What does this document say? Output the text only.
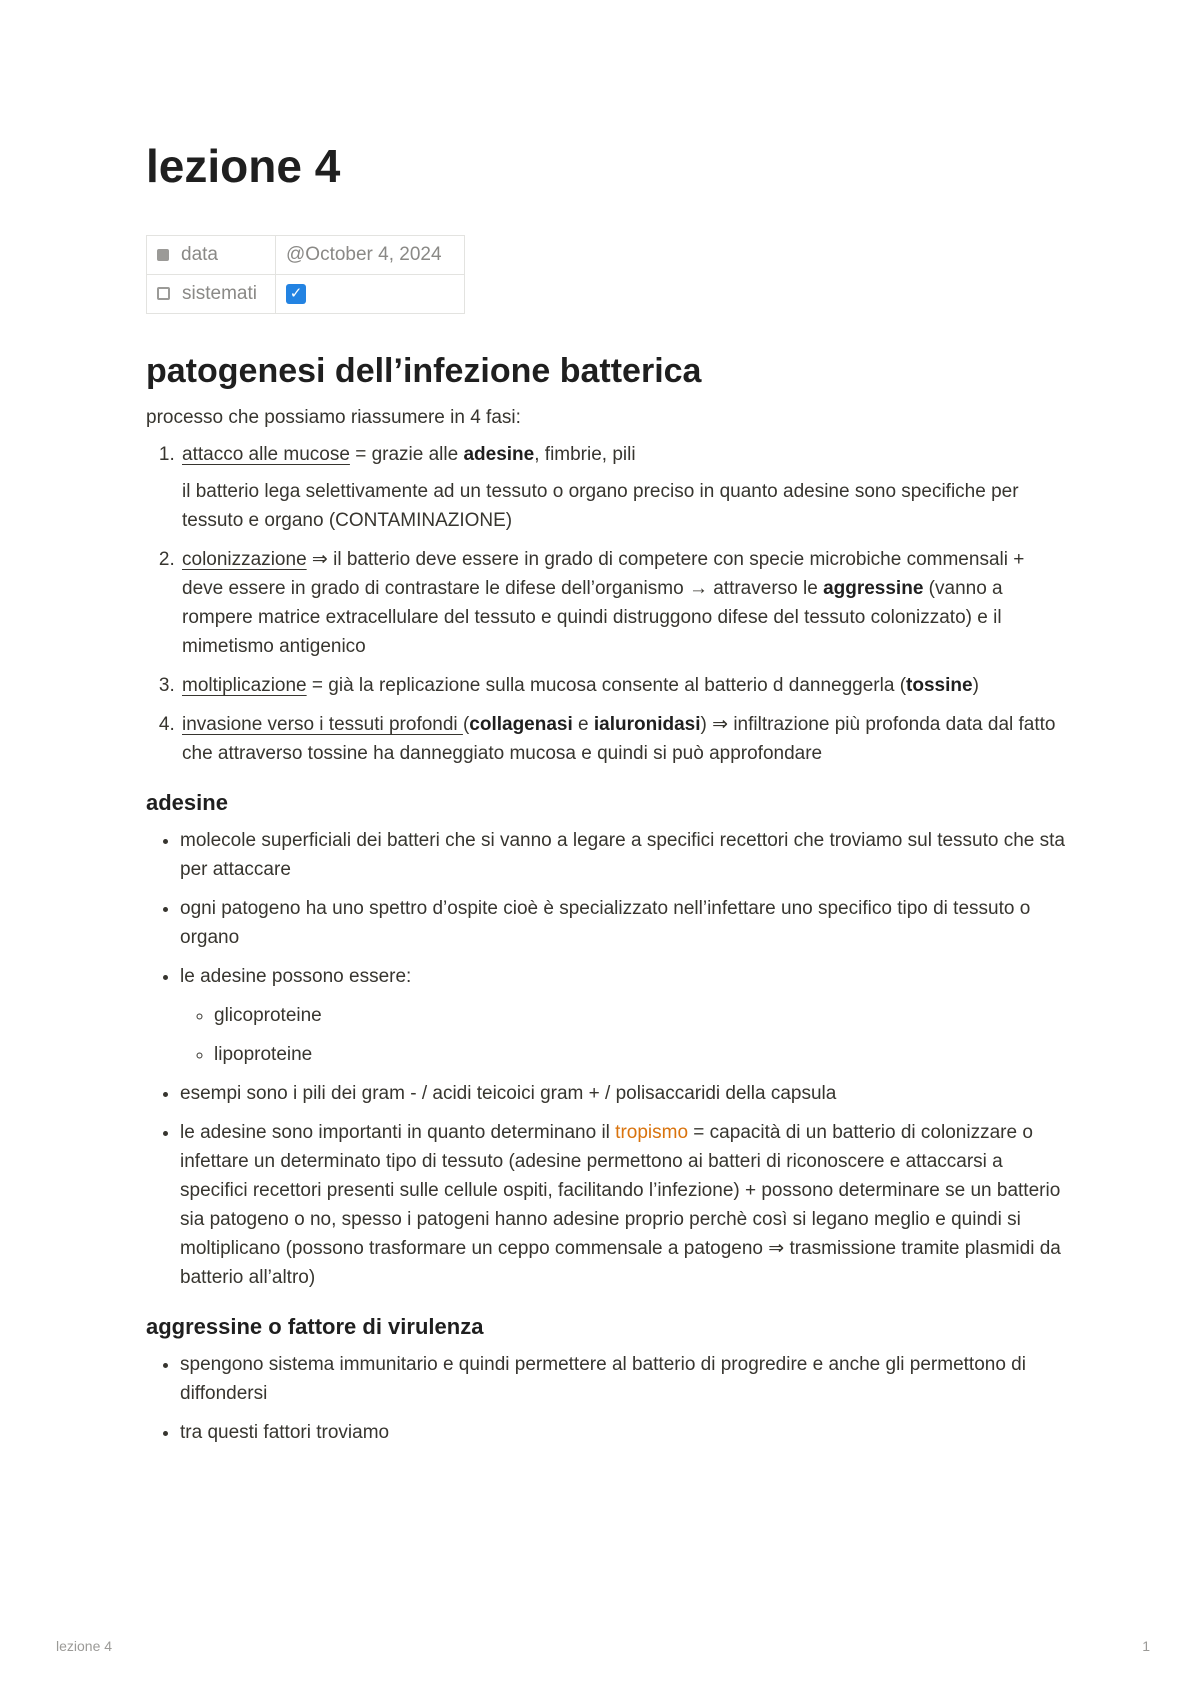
lezione 4
data	@October 4, 2024
sistemati	✓
patogenesi dell’infezione batterica

processo che possiamo riassumere in 4 fasi:

1. attacco alle mucose = grazie alle adesine, fimbrie, pili

il batterio lega selettivamente ad un tessuto o organo preciso in quanto adesine sono specifiche per tessuto e organo (CONTAMINAZIONE)

2. colonizzazione ⇒ il batterio deve essere in grado di competere con specie microbiche commensali + deve essere in grado di contrastare le difese dell’organismo → attraverso le aggressine (vanno a rompere matrice extracellulare del tessuto e quindi distruggono difese del tessuto colonizzato) e il mimetismo antigenico
3. moltiplicazione = già la replicazione sulla mucosa consente al batterio d danneggerla (tossine)
4. invasione verso i tessuti profondi (collagenasi e ialuronidasi) ⇒ infiltrazione più profonda data dal fatto che attraverso tossine ha danneggiato mucosa e quindi si può approfondare
adesine
• molecole superficiali dei batteri che si vanno a legare a specifici recettori che troviamo sul tessuto che sta per attaccare
• ogni patogeno ha uno spettro d’ospite cioè è specializzato nell’infettare uno specifico tipo di tessuto o organo
• le adesine possono essere:
◦ glicoproteine
◦ lipoproteine
• esempi sono i pili dei gram - / acidi teicoici gram + / polisaccaridi della capsula
• le adesine sono importanti in quanto determinano il tropismo = capacità di un batterio di colonizzare o infettare un determinato tipo di tessuto (adesine permettono ai batteri di riconoscere e attaccarsi a specifici recettori presenti sulle cellule ospiti, facilitando l’infezione) + possono determinare se un batterio sia patogeno o no, spesso i patogeni hanno adesine proprio perchè così si legano meglio e quindi si moltiplicano (possono trasformare un ceppo commensale a patogeno ⇒ trasmissione tramite plasmidi da batterio all’altro)
aggressine o fattore di virulenza
• spengono sistema immunitario e quindi permettere al batterio di progredire e anche gli permettono di diffondersi
• tra questi fattori troviamo
lezione 4	1
